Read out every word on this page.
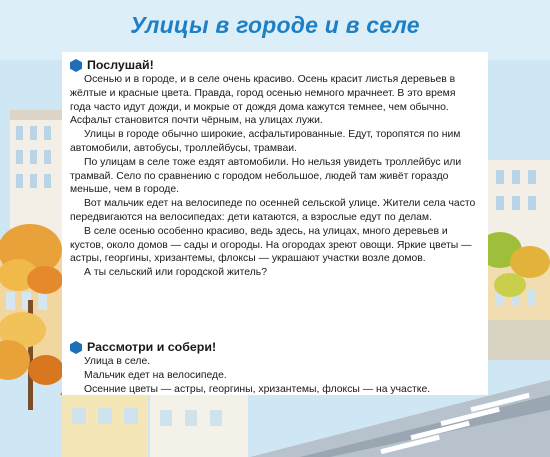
Улицы в городе и в селе
Послушай!

Осенью и в городе, и в селе очень красиво. Осень красит листья деревьев в жёлтые и красные цвета. Правда, город осенью немного мрачнеет. В это время года часто идут дожди, и мокрые от дождя дома кажутся темнее, чем обычно. Асфальт становится почти чёрным, на улицах лужи.

Улицы в городе обычно широкие, асфальтированные. Едут, торопятся по ним автомобили, автобусы, троллейбусы, трамваи.

По улицам в селе тоже ездят автомобили. Но нельзя увидеть троллейбус или трамвай. Село по сравнению с городом небольшое, людей там живёт гораздо меньше, чем в городе.

Вот мальчик едет на велосипеде по осенней сельской улице. Жители села часто передвигаются на велосипедах: дети катаются, а взрослые едут по делам.

В селе осенью особенно красиво, ведь здесь, на улицах, много деревьев и кустов, около домов — сады и огороды. На огородах зреют овощи. Яркие цветы — астры, георгины, хризантемы, флоксы — украшают участки возле домов.

А ты сельский или городской житель?

Рассмотри и собери!
Улица в селе.
Мальчик едет на велосипеде.
Осенние цветы — астры, георгины, хризантемы, флоксы — на участке.
